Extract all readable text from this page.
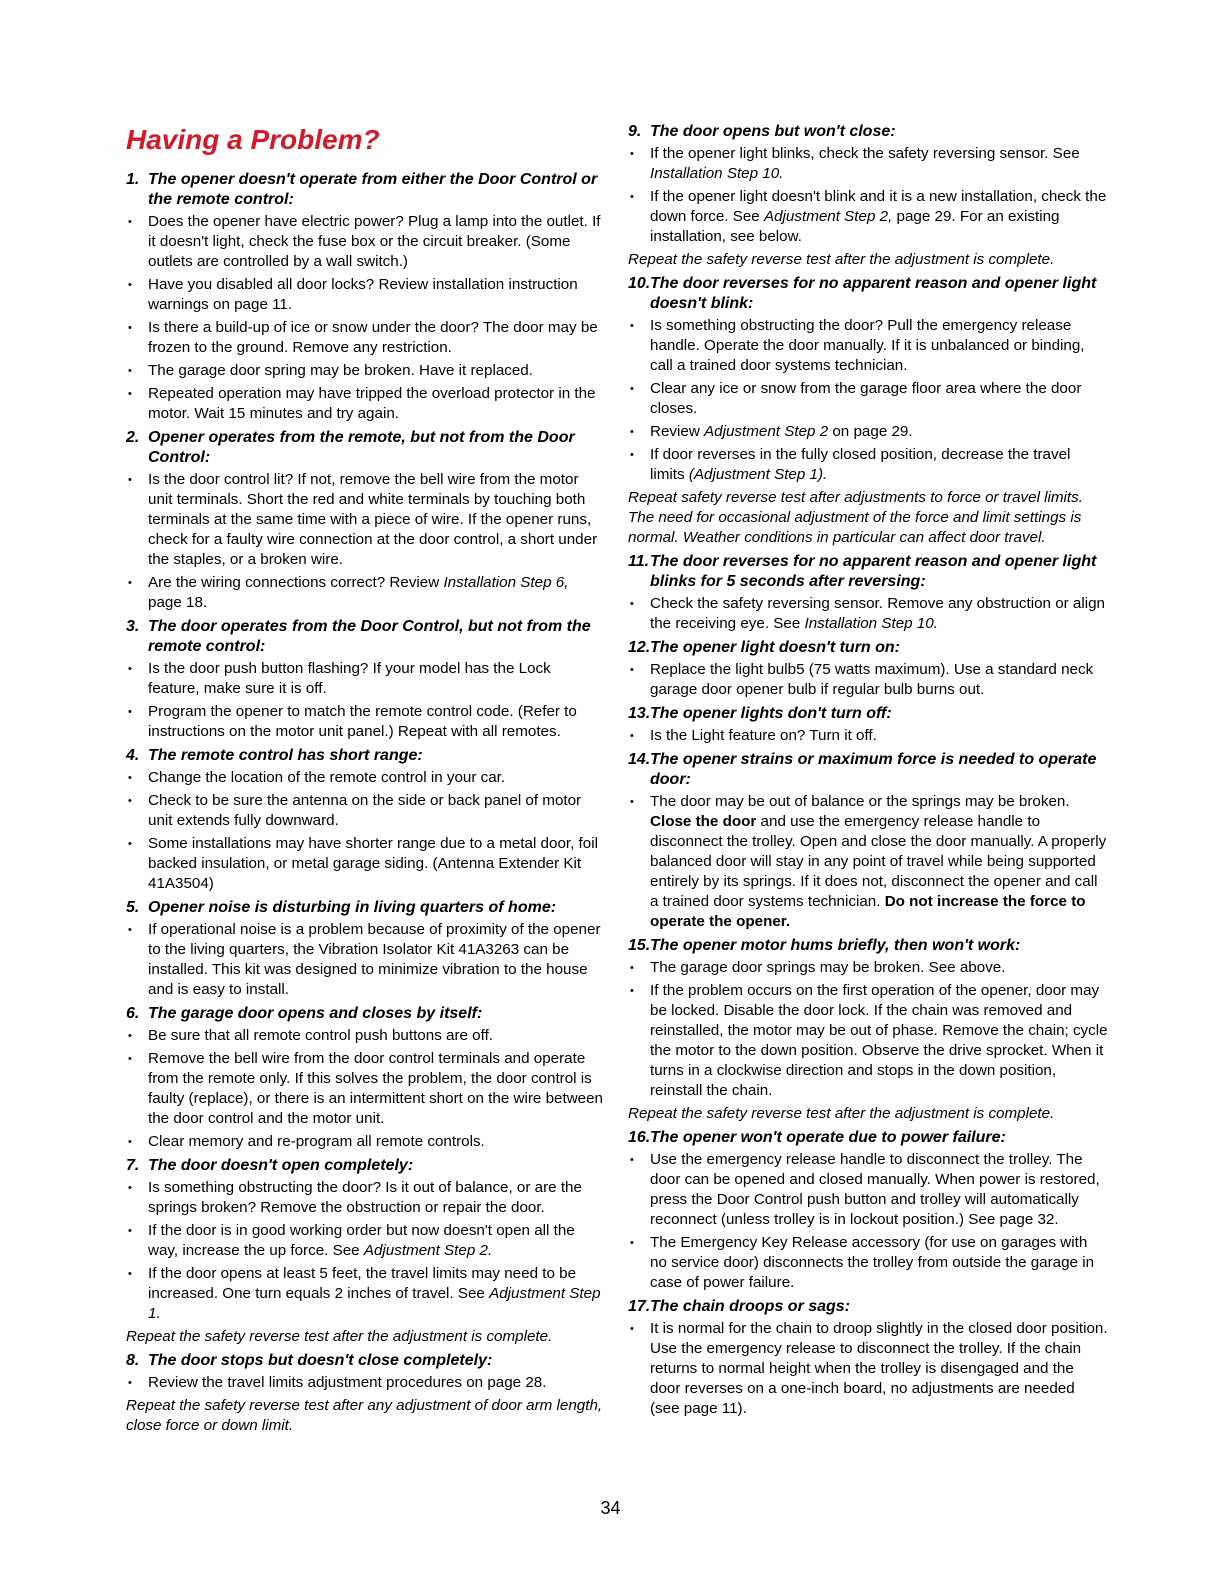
Having a Problem?

1. The opener doesn't operate from either the Door Control or the remote control:

• Does the opener have electric power? Plug a lamp into the outlet. If it doesn't light, check the fuse box or the circuit breaker. (Some outlets are controlled by a wall switch.)
• Have you disabled all door locks? Review installation instruction warnings on page 11.
• Is there a build-up of ice or snow under the door? The door may be frozen to the ground. Remove any restriction.
• The garage door spring may be broken. Have it replaced.
• Repeated operation may have tripped the overload protector in the motor. Wait 15 minutes and try again.

2. Opener operates from the remote, but not from the Door Control:

• Is the door control lit? If not, remove the bell wire from the motor unit terminals. Short the red and white terminals by touching both terminals at the same time with a piece of wire. If the opener runs, check for a faulty wire connection at the door control, a short under the staples, or a broken wire.
• Are the wiring connections correct? Review Installation Step 6, page 18.

3. The door operates from the Door Control, but not from the remote control:

• Is the door push button flashing? If your model has the Lock feature, make sure it is off.
• Program the opener to match the remote control code. (Refer to instructions on the motor unit panel.) Repeat with all remotes.

4. The remote control has short range:

• Change the location of the remote control in your car.
• Check to be sure the antenna on the side or back panel of motor unit extends fully downward.
• Some installations may have shorter range due to a metal door, foil backed insulation, or metal garage siding. (Antenna Extender Kit 41A3504)

5. Opener noise is disturbing in living quarters of home:

• If operational noise is a problem because of proximity of the opener to the living quarters, the Vibration Isolator Kit 41A3263 can be installed. This kit was designed to minimize vibration to the house and is easy to install.

6. The garage door opens and closes by itself:

• Be sure that all remote control push buttons are off.
• Remove the bell wire from the door control terminals and operate from the remote only. If this solves the problem, the door control is faulty (replace), or there is an intermittent short on the wire between the door control and the motor unit.
• Clear memory and re-program all remote controls.

7. The door doesn't open completely:

• Is something obstructing the door? Is it out of balance, or are the springs broken? Remove the obstruction or repair the door.
• If the door is in good working order but now doesn't open all the way, increase the up force. See Adjustment Step 2.
• If the door opens at least 5 feet, the travel limits may need to be increased. One turn equals 2 inches of travel. See Adjustment Step 1.

Repeat the safety reverse test after the adjustment is complete.

8. The door stops but doesn't close completely:

• Review the travel limits adjustment procedures on page 28.

Repeat the safety reverse test after any adjustment of door arm length, close force or down limit.

9. The door opens but won't close:

• If the opener light blinks, check the safety reversing sensor. See Installation Step 10.
• If the opener light doesn't blink and it is a new installation, check the down force. See Adjustment Step 2, page 29. For an existing installation, see below.

Repeat the safety reverse test after the adjustment is complete.

10.The door reverses for no apparent reason and opener light doesn't blink:

• Is something obstructing the door? Pull the emergency release handle. Operate the door manually. If it is unbalanced or binding, call a trained door systems technician.
• Clear any ice or snow from the garage floor area where the door closes.
• Review Adjustment Step 2 on page 29.
• If door reverses in the fully closed position, decrease the travel limits (Adjustment Step 1).

Repeat safety reverse test after adjustments to force or travel limits. The need for occasional adjustment of the force and limit settings is normal. Weather conditions in particular can affect door travel.

11.The door reverses for no apparent reason and opener light blinks for 5 seconds after reversing:

• Check the safety reversing sensor. Remove any obstruction or align the receiving eye. See Installation Step 10.

12.The opener light doesn't turn on:

• Replace the light bulb5 (75 watts maximum). Use a standard neck garage door opener bulb if regular bulb burns out.

13.The opener lights don't turn off:

• Is the Light feature on? Turn it off.

14.The opener strains or maximum force is needed to operate door:

• The door may be out of balance or the springs may be broken. Close the door and use the emergency release handle to disconnect the trolley. Open and close the door manually. A properly balanced door will stay in any point of travel while being supported entirely by its springs. If it does not, disconnect the opener and call a trained door systems technician. Do not increase the force to operate the opener.

15.The opener motor hums briefly, then won't work:

• The garage door springs may be broken. See above.
• If the problem occurs on the first operation of the opener, door may be locked. Disable the door lock. If the chain was removed and reinstalled, the motor may be out of phase. Remove the chain; cycle the motor to the down position. Observe the drive sprocket. When it turns in a clockwise direction and stops in the down position, reinstall the chain.

Repeat the safety reverse test after the adjustment is complete.

16.The opener won't operate due to power failure:

• Use the emergency release handle to disconnect the trolley. The door can be opened and closed manually. When power is restored, press the Door Control push button and trolley will automatically reconnect (unless trolley is in lockout position.) See page 32.
• The Emergency Key Release accessory (for use on garages with no service door) disconnects the trolley from outside the garage in case of power failure.

17.The chain droops or sags:

• It is normal for the chain to droop slightly in the closed door position. Use the emergency release to disconnect the trolley. If the chain returns to normal height when the trolley is disengaged and the door reverses on a one-inch board, no adjustments are needed (see page 11).
34
